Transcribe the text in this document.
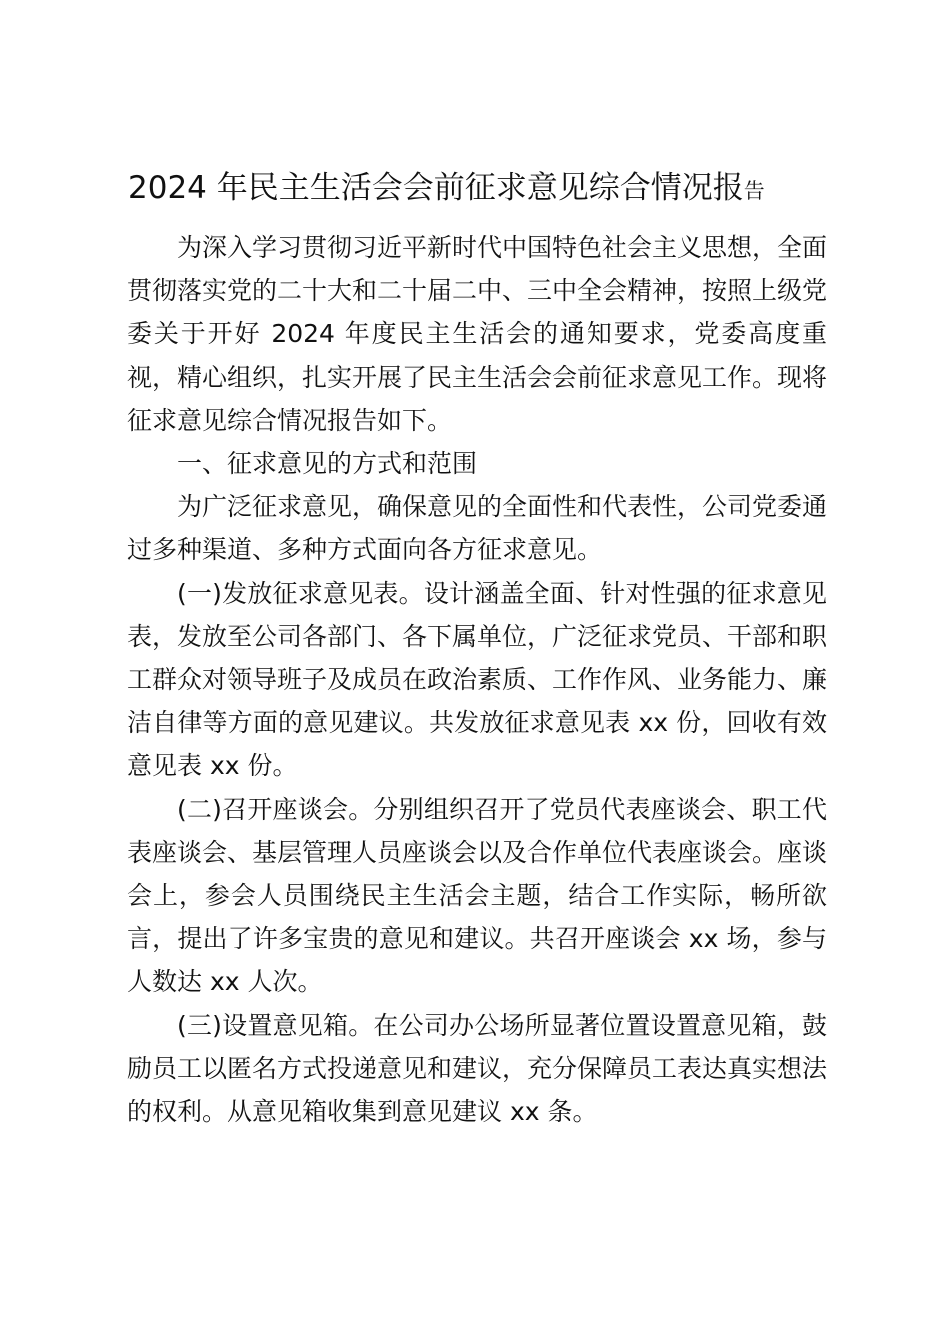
2024 年民主生活会会前征求意见综合情况报告

为深入学习贯彻习近平新时代中国特色社会主义思想，全面贯彻落实党的二十大和二十届二中、三中全会精神，按照上级党委关于开好 2024 年度民主生活会的通知要求，党委高度重视，精心组织，扎实开展了民主生活会会前征求意见工作。现将征求意见综合情况报告如下。

一、征求意见的方式和范围

为广泛征求意见，确保意见的全面性和代表性，公司党委通过多种渠道、多种方式面向各方征求意见。

(一)发放征求意见表。设计涵盖全面、针对性强的征求意见表，发放至公司各部门、各下属单位，广泛征求党员、干部和职工群众对领导班子及成员在政治素质、工作作风、业务能力、廉洁自律等方面的意见建议。共发放征求意见表 xx 份，回收有效意见表 xx 份。

(二)召开座谈会。分别组织召开了党员代表座谈会、职工代表座谈会、基层管理人员座谈会以及合作单位代表座谈会。座谈会上，参会人员围绕民主生活会主题，结合工作实际，畅所欲言，提出了许多宝贵的意见和建议。共召开座谈会 xx 场，参与人数达 xx 人次。

(三)设置意见箱。在公司办公场所显著位置设置意见箱，鼓励员工以匿名方式投递意见和建议，充分保障员工表达真实想法的权利。从意见箱收集到意见建议 xx 条。
